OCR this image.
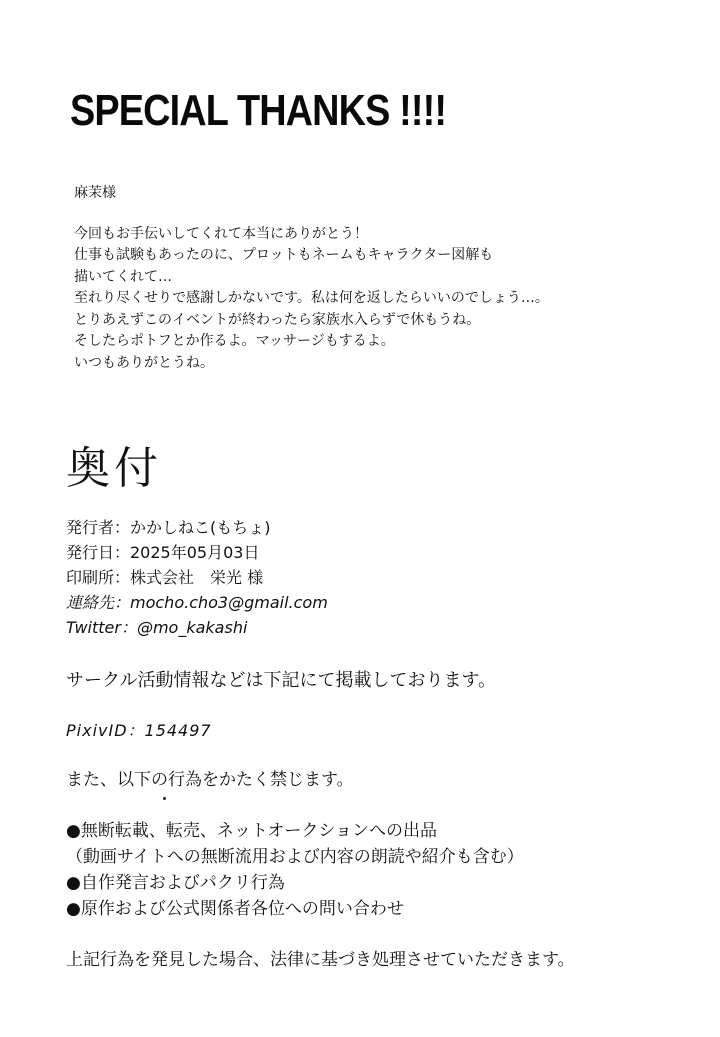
SPECIAL THANKS !!!!
麻茉様
今回もお手伝いしてくれて本当にありがとう！
仕事も試験もあったのに、プロットもネームもキャラクター図解も
描いてくれて…
至れり尽くせりで感謝しかないです。私は何を返したらいいのでしょう…。
とりあえずこのイベントが終わったら家族水入らずで休もうね。
そしたらポトフとか作るよ。マッサージもするよ。
いつもありがとうね。
奥付
発行者：かかしねこ(もちょ)
発行日：2025年05月03日
印刷所：株式会社　栄光 様
連絡先：mocho.cho3@gmail.com
Twitter：@mo_kakashi
サークル活動情報などは下記にて掲載しております。
PixivID：154497
また、以下の行為をかたく禁じます。
●無断転載、転売、ネットオークションへの出品
（動画サイトへの無断流用および内容の朗読や紹介も含む）
●自作発言およびパクリ行為
●原作および公式関係者各位への問い合わせ
上記行為を発見した場合、法律に基づき処理させていただきます。
